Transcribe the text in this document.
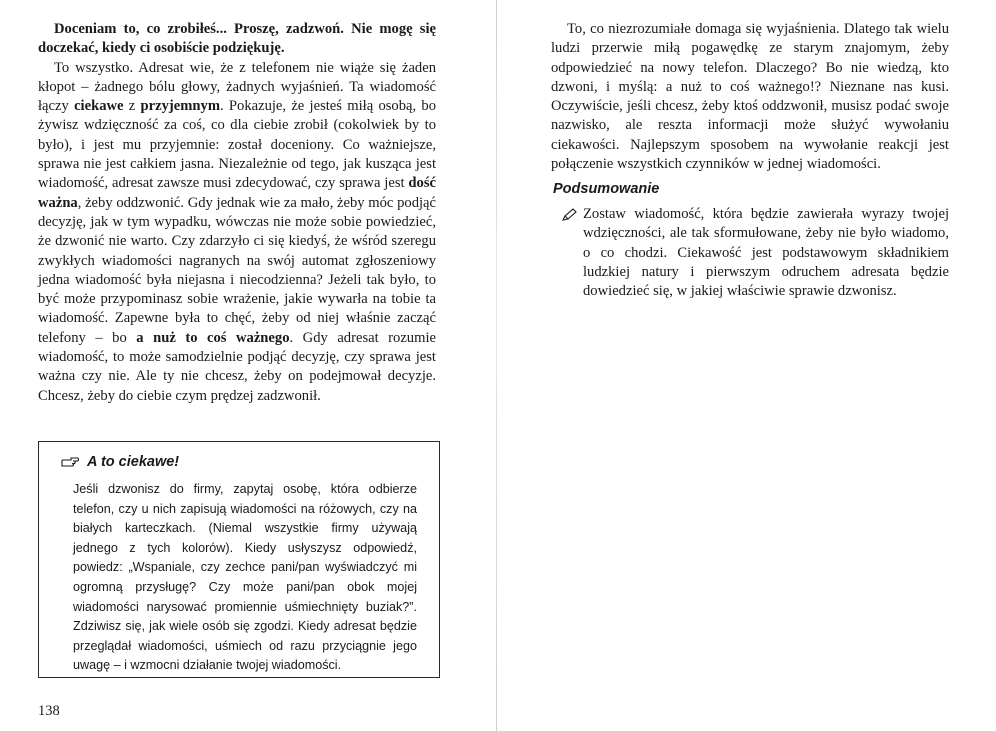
Doceniam to, co zrobiłeś... Proszę, zadzwoń. Nie mogę się doczekać, kiedy ci osobiście podziękuję.

To wszystko. Adresat wie, że z telefonem nie wiąże się żaden kłopot – żadnego bólu głowy, żadnych wyjaśnień. Ta wiadomość łączy ciekawe z przyjemnym. Pokazuje, że jesteś miłą osobą, bo żywisz wdzięczność za coś, co dla ciebie zrobił (cokolwiek by to było), i jest mu przyjemnie: został doceniony. Co ważniejsze, sprawa nie jest całkiem jasna. Niezależnie od tego, jak kusząca jest wiadomość, adresat zawsze musi zdecydować, czy sprawa jest dość ważna, żeby oddzwonić. Gdy jednak wie za mało, żeby móc podjąć decyzję, jak w tym wypadku, wówczas nie może sobie powiedzieć, że dzwonić nie warto. Czy zdarzyło ci się kiedyś, że wśród szeregu zwykłych wiadomości nagranych na swój automat zgłoszeniowy jedna wiadomość była niejasna i niecodzienna? Jeżeli tak było, to być może przypominasz sobie wrażenie, jakie wywarła na tobie ta wiadomość. Zapewne była to chęć, żeby od niej właśnie zacząć telefony – bo a nuż to coś ważnego. Gdy adresat rozumie wiadomość, to może samodzielnie podjąć decyzję, czy sprawa jest ważna czy nie. Ale ty nie chcesz, żeby on podejmował decyzje. Chcesz, żeby do ciebie czym prędzej zadzwonił.

A to ciekawe!

Jeśli dzwonisz do firmy, zapytaj osobę, która odbierze telefon, czy u nich zapisują wiadomości na różowych, czy na białych karteczkach. (Niemal wszystkie firmy używają jednego z tych kolorów). Kiedy usłyszysz odpowiedź, powiedz: „Wspaniale, czy zechce pani/pan wyświadczyć mi ogromną przysługę? Czy może pani/pan obok mojej wiadomości narysować promiennie uśmiechnięty buziak?”. Zdziwisz się, jak wiele osób się zgodzi. Kiedy adresat będzie przeglądał wiadomości, uśmiech od razu przyciągnie jego uwagę – i wzmocni działanie twojej wiadomości.

138

To, co niezrozumiałe domaga się wyjaśnienia. Dlatego tak wielu ludzi przerwie miłą pogawędkę ze starym znajomym, żeby odpowiedzieć na nowy telefon. Dlaczego? Bo nie wiedzą, kto dzwoni, i myślą: a nuż to coś ważnego!? Nieznane nas kusi. Oczywiście, jeśli chcesz, żeby ktoś oddzwonił, musisz podać swoje nazwisko, ale reszta informacji może służyć wywołaniu ciekawości. Najlepszym sposobem na wywołanie reakcji jest połączenie wszystkich czynników w jednej wiadomości.

Podsumowanie

Zostaw wiadomość, która będzie zawierała wyrazy twojej wdzięczności, ale tak sformułowane, żeby nie było wiadomo, o co chodzi. Ciekawość jest podstawowym składnikiem ludzkiej natury i pierwszym odruchem adresata będzie dowiedzieć się, w jakiej właściwie sprawie dzwonisz.
